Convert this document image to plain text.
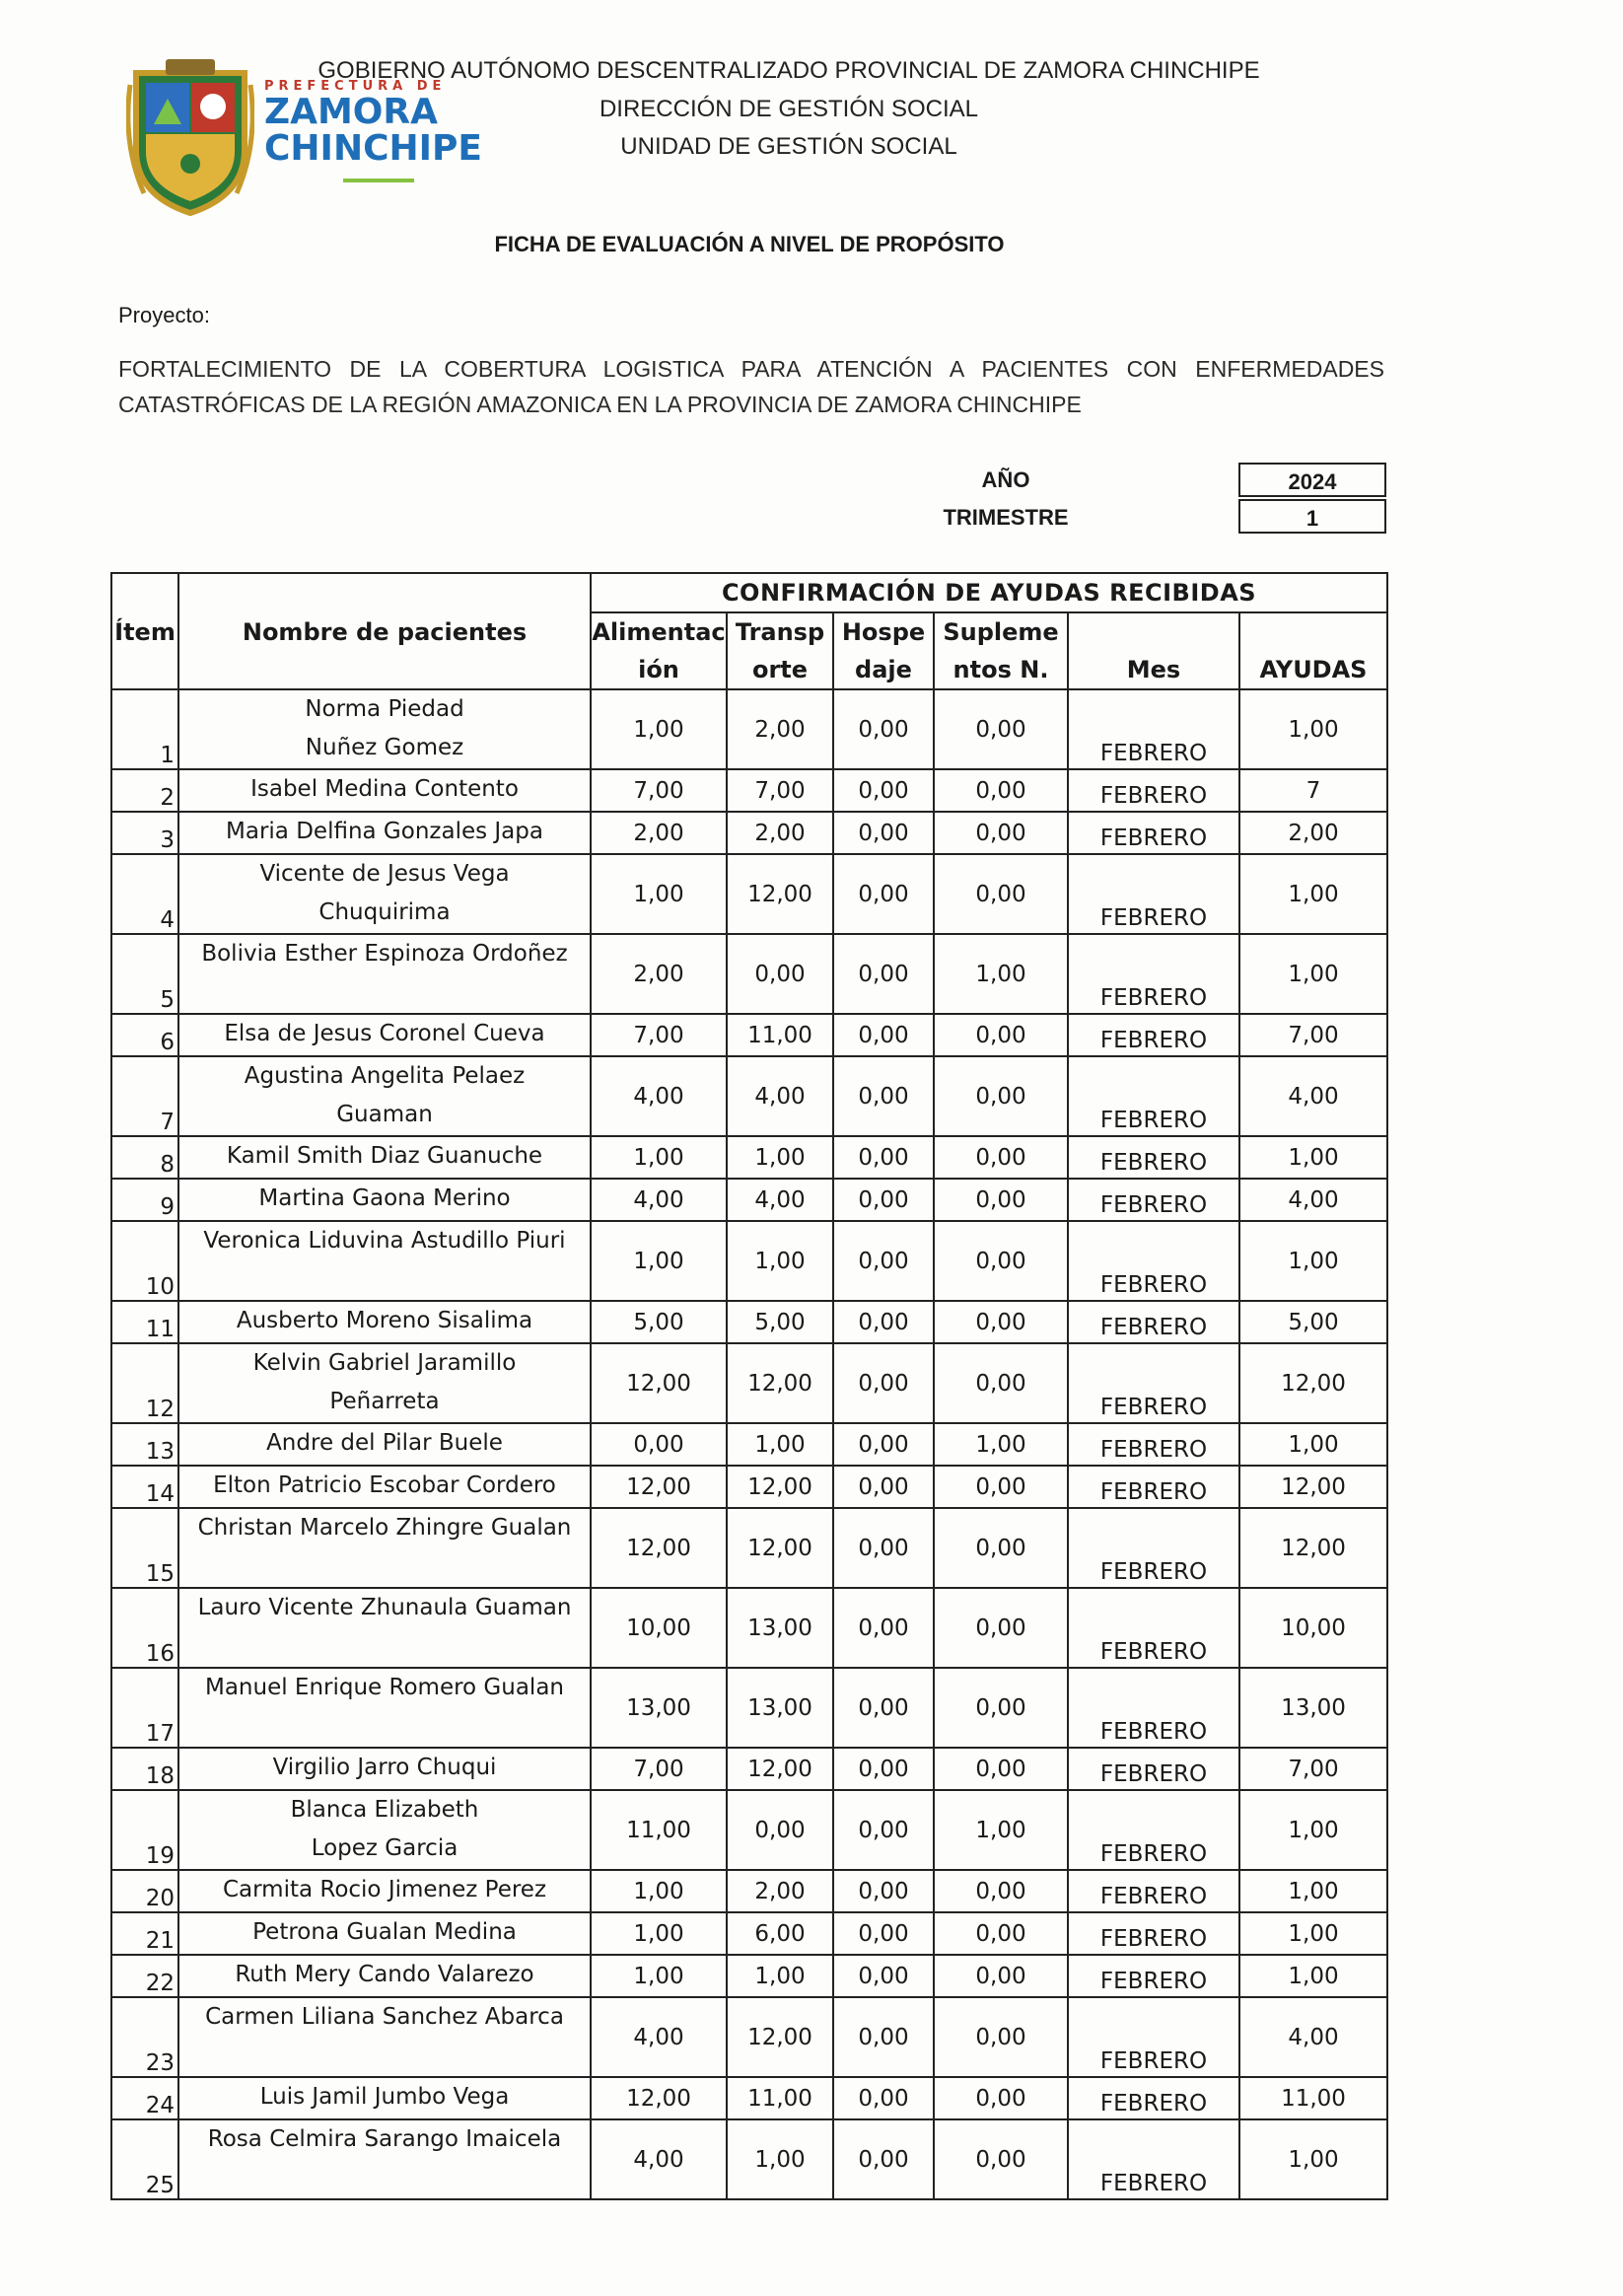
PREFECTURA DE
ZAMORA
CHINCHIPE
GOBIERNO AUTÓNOMO DESCENTRALIZADO PROVINCIAL DE ZAMORA CHINCHIPE
DIRECCIÓN DE GESTIÓN SOCIAL
UNIDAD DE GESTIÓN SOCIAL
FICHA DE EVALUACIÓN A NIVEL DE PROPÓSITO
Proyecto:
FORTALECIMIENTO DE LA COBERTURA LOGISTICA PARA ATENCIÓN A PACIENTES CON ENFERMEDADES CATASTRÓFICAS DE LA REGIÓN AMAZONICA EN LA PROVINCIA DE ZAMORA CHINCHIPE
AÑO	2024
TRIMESTRE	1
		CONFIRMACIÓN DE AYUDAS RECIBIDAS					
Ítem	Nombre de pacientes	Alimentac	Transp	Hospe	Supleme		
		ión	orte	daje	ntos N.	Mes	AYUDAS
1	Norma Piedad
Nuñez Gomez	1,00	2,00	0,00	0,00	FEBRERO	1,00
2	Isabel Medina Contento	7,00	7,00	0,00	0,00	FEBRERO	7
3	Maria Delfina Gonzales Japa	2,00	2,00	0,00	0,00	FEBRERO	2,00
4	Vicente de Jesus Vega
Chuquirima	1,00	12,00	0,00	0,00	FEBRERO	1,00
5	Bolivia Esther Espinoza Ordoñez	2,00	0,00	0,00	1,00	FEBRERO	1,00
6	Elsa de Jesus Coronel Cueva	7,00	11,00	0,00	0,00	FEBRERO	7,00
7	Agustina Angelita Pelaez
Guaman	4,00	4,00	0,00	0,00	FEBRERO	4,00
8	Kamil Smith Diaz Guanuche	1,00	1,00	0,00	0,00	FEBRERO	1,00
9	Martina Gaona Merino	4,00	4,00	0,00	0,00	FEBRERO	4,00
10	Veronica Liduvina Astudillo Piuri	1,00	1,00	0,00	0,00	FEBRERO	1,00
11	Ausberto Moreno Sisalima	5,00	5,00	0,00	0,00	FEBRERO	5,00
12	Kelvin Gabriel Jaramillo
Peñarreta	12,00	12,00	0,00	0,00	FEBRERO	12,00
13	Andre del Pilar Buele	0,00	1,00	0,00	1,00	FEBRERO	1,00
14	Elton Patricio Escobar Cordero	12,00	12,00	0,00	0,00	FEBRERO	12,00
15	Christan Marcelo Zhingre Gualan	12,00	12,00	0,00	0,00	FEBRERO	12,00
16	Lauro Vicente Zhunaula Guaman	10,00	13,00	0,00	0,00	FEBRERO	10,00
17	Manuel Enrique Romero Gualan	13,00	13,00	0,00	0,00	FEBRERO	13,00
18	Virgilio Jarro Chuqui	7,00	12,00	0,00	0,00	FEBRERO	7,00
19	Blanca Elizabeth
Lopez Garcia	11,00	0,00	0,00	1,00	FEBRERO	1,00
20	Carmita Rocio Jimenez Perez	1,00	2,00	0,00	0,00	FEBRERO	1,00
21	Petrona Gualan Medina	1,00	6,00	0,00	0,00	FEBRERO	1,00
22	Ruth Mery Cando Valarezo	1,00	1,00	0,00	0,00	FEBRERO	1,00
23	Carmen Liliana Sanchez Abarca	4,00	12,00	0,00	0,00	FEBRERO	4,00
24	Luis Jamil Jumbo Vega	12,00	11,00	0,00	0,00	FEBRERO	11,00
25	Rosa Celmira Sarango Imaicela	4,00	1,00	0,00	0,00	FEBRERO	1,00
